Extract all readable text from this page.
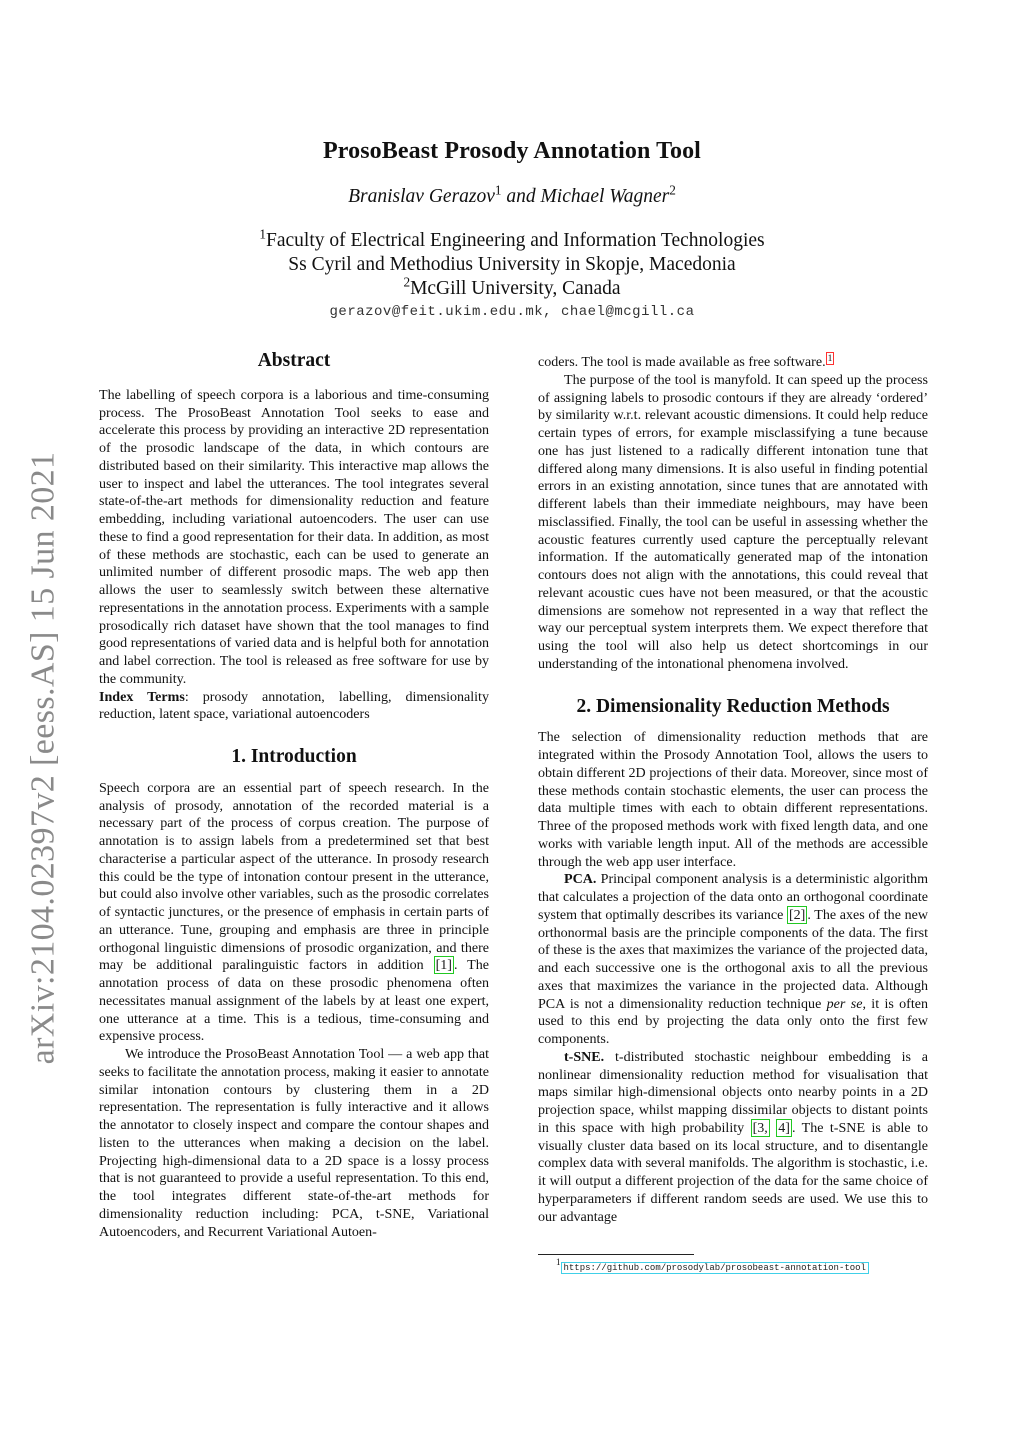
arXiv:2104.02397v2 [eess.AS] 15 Jun 2021
ProsoBeast Prosody Annotation Tool
Branislav Gerazov$^1$ and Michael Wagner$^2$
$^1$Faculty of Electrical Engineering and Information Technologies
Ss Cyril and Methodius University in Skopje, Macedonia
$^2$McGill University, Canada
gerazov@feit.ukim.edu.mk, chael@mcgill.ca
Abstract

The labelling of speech corpora is a laborious and time-consuming process. The ProsoBeast Annotation Tool seeks to ease and accelerate this process by providing an interactive 2D representation of the prosodic landscape of the data, in which contours are distributed based on their similarity. This interactive map allows the user to inspect and label the utterances. The tool integrates several state-of-the-art methods for dimensionality reduction and feature embedding, including variational autoencoders. The user can use these to find a good representation for their data. In addition, as most of these methods are stochastic, each can be used to generate an unlimited number of different prosodic maps. The web app then allows the user to seamlessly switch between these alternative representations in the annotation process. Experiments with a sample prosodically rich dataset have shown that the tool manages to find good representations of varied data and is helpful both for annotation and label correction. The tool is released as free software for use by the community.

Index Terms: prosody annotation, labelling, dimensionality reduction, latent space, variational autoencoders

1. Introduction

Speech corpora are an essential part of speech research. In the analysis of prosody, annotation of the recorded material is a necessary part of the process of corpus creation. The purpose of annotation is to assign labels from a predetermined set that best characterise a particular aspect of the utterance. In prosody research this could be the type of intonation contour present in the utterance, but could also involve other variables, such as the prosodic correlates of syntactic junctures, or the presence of emphasis in certain parts of an utterance. Tune, grouping and emphasis are three in principle orthogonal linguistic dimensions of prosodic organization, and there may be additional paralinguistic factors in addition [1] . The annotation process of data on these prosodic phenomena often necessitates manual assignment of the labels by at least one expert, one utterance at a time. This is a tedious, time-consuming and expensive process.

We introduce the ProsoBeast Annotation Tool — a web app that seeks to facilitate the annotation process, making it easier to annotate similar intonation contours by clustering them in a 2D representation. The representation is fully interactive and it allows the annotator to closely inspect and compare the contour shapes and listen to the utterances when making a decision on the label. Projecting high-dimensional data to a 2D space is a lossy process that is not guaranteed to provide a useful representation. To this end, the tool integrates different state-of-the-art methods for dimensionality reduction including: PCA, t-SNE, Variational Autoencoders, and Recurrent Variational Autoen-

coders. The tool is made available as free software. $^1$

The purpose of the tool is manyfold. It can speed up the process of assigning labels to prosodic contours if they are already ‘ordered’ by similarity w.r.t. relevant acoustic dimensions. It could help reduce certain types of errors, for example misclassifying a tune because one has just listened to a radically different intonation tune that differed along many dimensions. It is also useful in finding potential errors in an existing annotation, since tunes that are annotated with different labels than their immediate neighbours, may have been misclassified. Finally, the tool can be useful in assessing whether the acoustic features currently used capture the perceptually relevant information. If the automatically generated map of the intonation contours does not align with the annotations, this could reveal that relevant acoustic cues have not been measured, or that the acoustic dimensions are somehow not represented in a way that reflect the way our perceptual system interprets them. We expect therefore that using the tool will also help us detect shortcomings in our understanding of the intonational phenomena involved.

2. Dimensionality Reduction Methods

The selection of dimensionality reduction methods that are integrated within the Prosody Annotation Tool, allows the users to obtain different 2D projections of their data. Moreover, since most of these methods contain stochastic elements, the user can process the data multiple times with each to obtain different representations. Three of the proposed methods work with fixed length data, and one works with variable length input. All of the methods are accessible through the web app user interface.

PCA. Principal component analysis is a deterministic algorithm that calculates a projection of the data onto an orthogonal coordinate system that optimally describes its variance [2] . The axes of the new orthonormal basis are the principle components of the data. The first of these is the axes that maximizes the variance of the projected data, and each successive one is the orthogonal axis to all the previous axes that maximizes the variance in the projected data. Although PCA is not a dimensionality reduction technique per se, it is often used to this end by projecting the data only onto the first few components.

t-SNE. t-distributed stochastic neighbour embedding is a nonlinear dimensionality reduction method for visualisation that maps similar high-dimensional objects onto nearby points in a 2D projection space, whilst mapping dissimilar objects to distant points in this space with high probability [3, 4] . The t-SNE is able to visually cluster data based on its local structure, and to disentangle complex data with several manifolds. The algorithm is stochastic, i.e. it will output a different projection of the data for the same choice of hyperparameters if different random seeds are used. We use this to our advantage

$^1$https://github.com/prosodylab/prosobeast-annotation-tool
